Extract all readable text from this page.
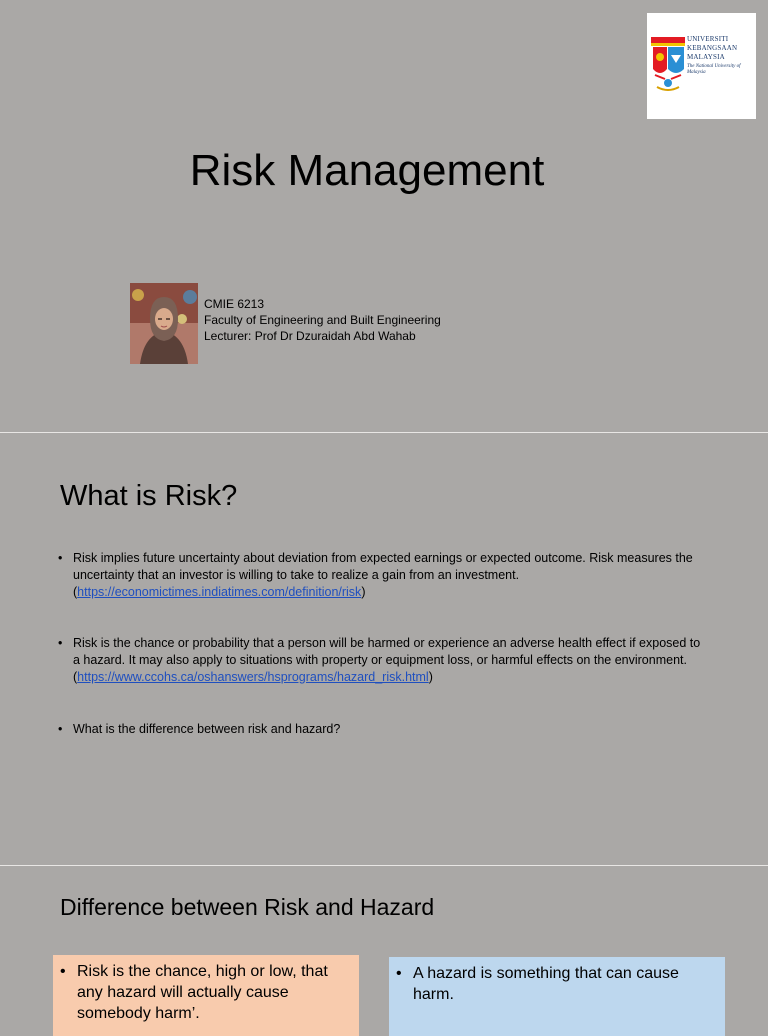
UNIVERSITI
KEBANGSAAN
MALAYSIA
The National University of Malaysia
Risk Management
CMIE 6213
Faculty of Engineering and Built Engineering
Lecturer: Prof Dr Dzuraidah Abd Wahab
What is Risk?
• Risk implies future uncertainty about deviation from expected earnings or expected outcome. Risk measures the uncertainty that an investor is willing to take to realize a gain from an investment. (https://economictimes.indiatimes.com/definition/risk)
• Risk is the chance or probability that a person will be harmed or experience an adverse health effect if exposed to a hazard. It may also apply to situations with property or equipment loss, or harmful effects on the environment.
(https://www.ccohs.ca/oshanswers/hsprograms/hazard_risk.html)
• What is the difference between risk and hazard?
Difference between Risk and Hazard
• Risk is the chance, high or low, that any hazard will actually cause somebody harm’.
• A hazard is something that can cause harm.
